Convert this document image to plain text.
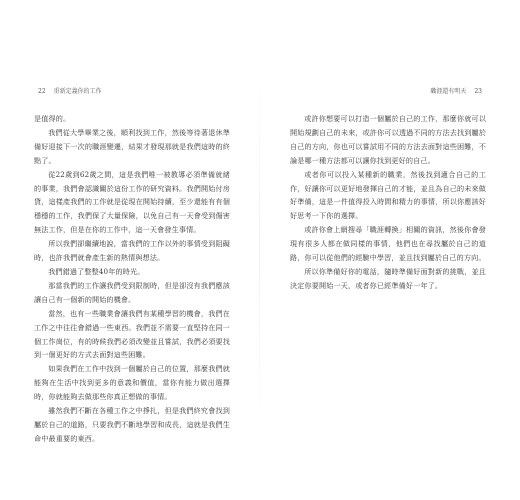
22 重新定義你的工作	職涯還有明天 23

是值得的。

我們從大學畢業之後，順利找到工作，然後等待著退休準備好迎接下一次的職涯變遷，結果才發現那就是我們這時的終點了。

從22歲到62歲之間，這是我們唯一被教導必須準備就緒的事業，我們會認識關於這份工作的研究資料。我們開始付房貸，這樣產我們的工作就是從現在開始持續，至少還能有有個穩穩的工作，我們保了大量保險，以免自己有一天會受到傷害無法工作，但是在你的工作中，這一天會發生事情。

所以我們卻繼續地說，當我們的工作以外的事情受到阻礙時，也許我們就會產生新的熱情與想法。

我們錯過了整整40年的時光。

那當我們的工作讓我們受到限制時，但是卻沒有我們應該讓自己有一個新的開始的機會。

當然，也有一些職業會讓我們有某種學習的機會，我們在工作之中往往會錯過一些東西。我們並不需要一直堅持在同一個工作崗位，有的時候我們必須改變並且嘗試，我們必須要找到一個更好的方式去面對這些困難。

如果我們在工作中找到一個屬於自己的位置，那麼我們就能夠在生活中找到更多的意義和價值，當你有能力做出選擇時，你就能夠去做那些你真正想做的事情。

雖然我們不斷在各種工作之中掙扎，但是我們終究會找到屬於自己的道路，只要我們不斷地學習和成長，這就是我們生命中最重要的東西。

或許你想要可以打造一個屬於自己的工作，那麼你就可以開始規劃自己的未來，或許你可以透過不同的方法去找到屬於自己的方向，你也可以嘗試用不同的方法去面對這些困難，不論是哪一種方法都可以讓你找到更好的自己。

或者你可以投入某種新的職業，然後找到適合自己的工作，好讓你可以更好地發揮自己的才能，並且為自己的未來做好準備，這是一件值得投入時間和精力的事情，所以你應該好好思考一下你的選擇。

或許你會上網搜尋「職涯轉換」相關的資訊，然後你會發現有很多人都在做同樣的事情，他們也在尋找屬於自己的道路，你可以從他們的經驗中學習，並且找到屬於自己的方向。

所以你準備好你的電話，隨時準備好面對新的挑戰，並且決定你要開始一天，或者你已經準備好一年了。
